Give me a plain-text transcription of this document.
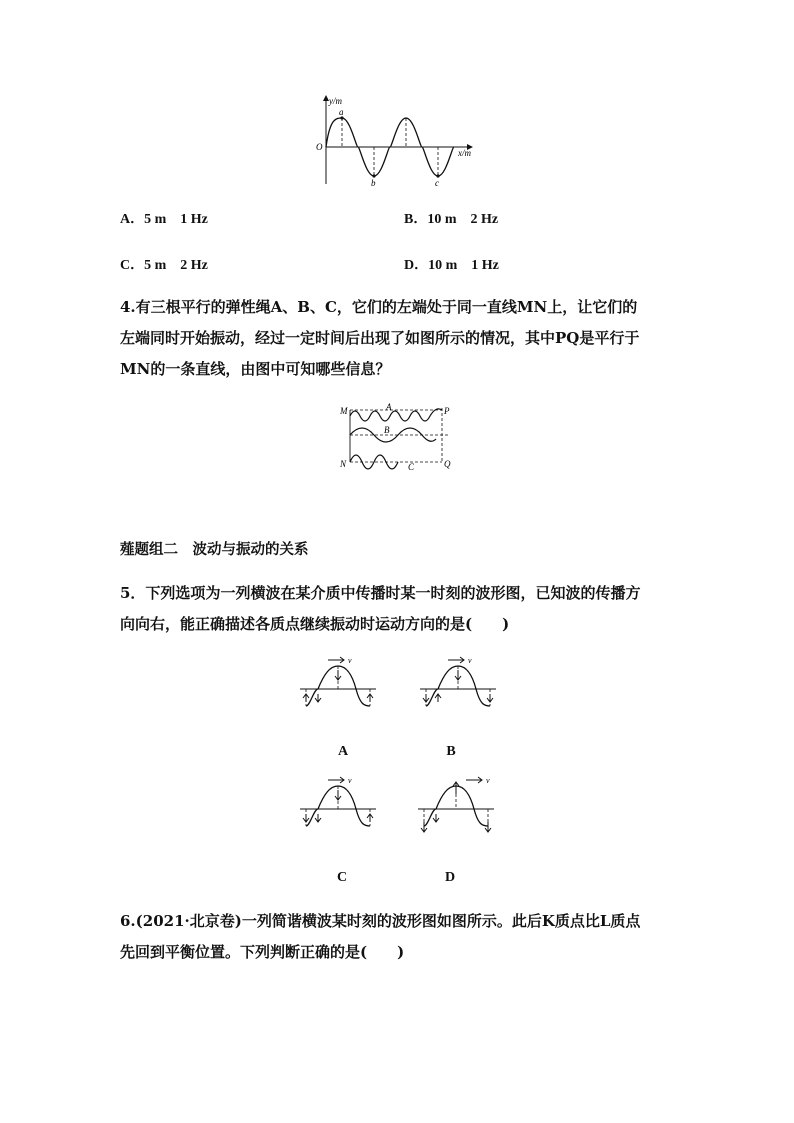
y/m
x/m
O
a
b	c
A．5 m　1 Hz	B．10 m　2 Hz
C．5 m　2 Hz	D．10 m　1 Hz
4.有三根平行的弹性绳A、B、C，它们的左端处于同一直线MN上，让它们的
左端同时开始振动，经过一定时间后出现了如图所示的情况，其中PQ是平行于
MN的一条直线，由图中可知哪些信息？
M
N
P
Q
A
B
C
薤题组二　波动与振动的关系
5．下列选项为一列横波在某介质中传播时某一时刻的波形图，已知波的传播方
向向右，能正确描述各质点继续振动时运动方向的是(　　)
v	v
A	B
v	v
C	D
6.(2021·北京卷)一列简谐横波某时刻的波形图如图所示。此后K质点比L质点
先回到平衡位置。下列判断正确的是(　　)
